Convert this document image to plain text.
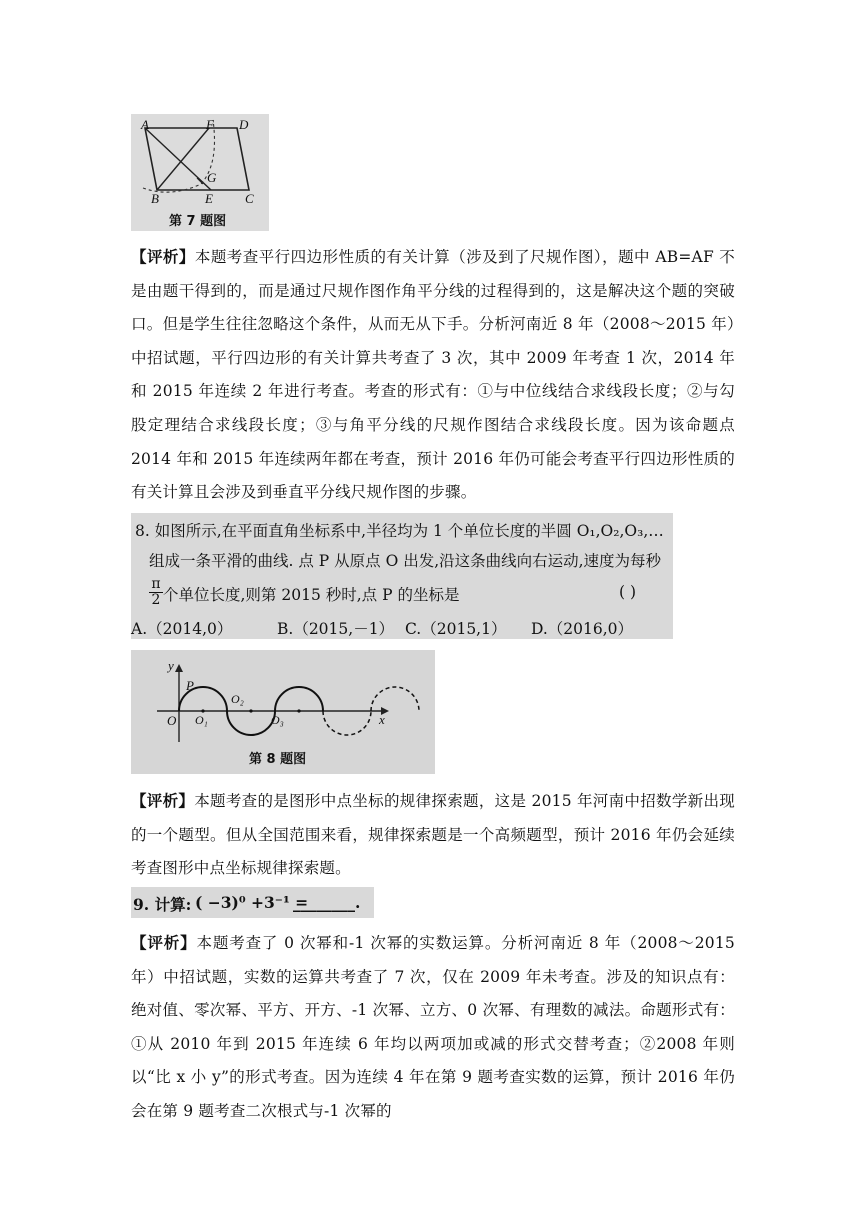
A	F D
G
B	E C
第 7 题图
【评析】本题考查平行四边形性质的有关计算（涉及到了尺规作图），题中 AB=AF 不是由题干得到的，而是通过尺规作图作角平分线的过程得到的，这是解决这个题的突破口。但是学生往往忽略这个条件，从而无从下手。分析河南近 8 年（2008～2015 年）中招试题，平行四边形的有关计算共考查了 3 次，其中 2009 年考查 1 次，2014 年和 2015 年连续 2 年进行考查。考查的形式有：①与中位线结合求线段长度；②与勾股定理结合求线段长度；③与角平分线的尺规作图结合求线段长度。因为该命题点 2014 年和 2015 年连续两年都在考查，预计 2016 年仍可能会考查平行四边形性质的有关计算且会涉及到垂直平分线尺规作图的步骤。
8. 如图所示,在平面直角坐标系中,半径均为 1 个单位长度的半圆 O₁,O₂,O₃,…
组成一条平滑的曲线. 点 P 从原点 O 出发,沿这条曲线向右运动,速度为每秒
$\frac{\pi}{2}$ 个单位长度,则第 2015 秒时,点 P 的坐标是	( )
A.（2014,0）	B.（2015,－1） C.（2015,1） D.（2016,0）
y
P
O O₁
O₂
O₃	x
第 8 题图
【评析】本题考查的是图形中点坐标的规律探索题，这是 2015 年河南中招数学新出现的一个题型。但从全国范围来看，规律探索题是一个高频题型，预计 2016 年仍会延续考查图形中点坐标规律探索题。
9. 计算: ( −3)⁰ +3⁻¹ =
________.
【评析】本题考查了 0 次幂和-1 次幂的实数运算。分析河南近 8 年（2008～2015 年）中招试题，实数的运算共考查了 7 次，仅在 2009 年未考查。涉及的知识点有：绝对值、零次幂、平方、开方、-1 次幂、立方、0 次幂、有理数的减法。命题形式有：①从 2010 年到 2015 年连续 6 年均以两项加或减的形式交替考查；②2008 年则以“比 x 小 y”的形式考查。因为连续 4 年在第 9 题考查实数的运算，预计 2016 年仍会在第 9 题考查二次根式与-1 次幂的
